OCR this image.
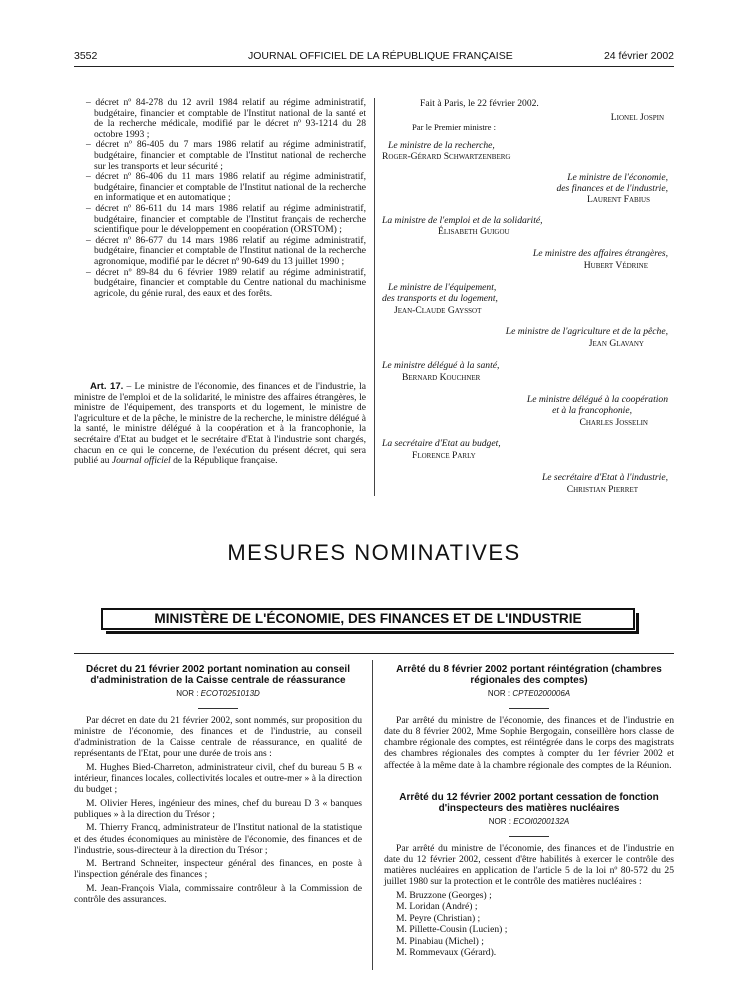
3552	JOURNAL OFFICIEL DE LA RÉPUBLIQUE FRANÇAISE	24 février 2002

– décret nº 84-278 du 12 avril 1984 relatif au régime administratif, budgétaire, financier et comptable de l'Institut national de la santé et de la recherche médicale, modifié par le décret nº 93-1214 du 28 octobre 1993 ;

– décret nº 86-405 du 7 mars 1986 relatif au régime administratif, budgétaire, financier et comptable de l'Institut national de recherche sur les transports et leur sécurité ;

– décret nº 86-406 du 11 mars 1986 relatif au régime administratif, budgétaire, financier et comptable de l'Institut national de la recherche en informatique et en automatique ;

– décret nº 86-611 du 14 mars 1986 relatif au régime administratif, budgétaire, financier et comptable de l'Institut français de recherche scientifique pour le développement en coopération (ORSTOM) ;

– décret nº 86-677 du 14 mars 1986 relatif au régime administratif, budgétaire, financier et comptable de l'Institut national de la recherche agronomique, modifié par le décret nº 90-649 du 13 juillet 1990 ;

– décret nº 89-84 du 6 février 1989 relatif au régime administratif, budgétaire, financier et comptable du Centre national du machinisme agricole, du génie rural, des eaux et des forêts.

Art. 17. – Le ministre de l'économie, des finances et de l'industrie, la ministre de l'emploi et de la solidarité, le ministre des affaires étrangères, le ministre de l'équipement, des transports et du logement, le ministre de l'agriculture et de la pêche, le ministre de la recherche, le ministre délégué à la santé, le ministre délégué à la coopération et à la francophonie, la secrétaire d'Etat au budget et le secrétaire d'Etat à l'industrie sont chargés, chacun en ce qui le concerne, de l'exécution du présent décret, qui sera publié au Journal officiel de la République française.

Fait à Paris, le 22 février 2002.
Lionel Jospin
Par le Premier ministre :
Le ministre de la recherche,
Roger-Gérard Schwartzenberg
Le ministre de l'économie,
des finances et de l'industrie,
Laurent Fabius
La ministre de l'emploi et de la solidarité,
Élisabeth Guigou
Le ministre des affaires étrangères,
Hubert Védrine
Le ministre de l'équipement,
des transports et du logement,
Jean-Claude Gayssot
Le ministre de l'agriculture et de la pêche,
Jean Glavany
Le ministre délégué à la santé,
Bernard Kouchner
Le ministre délégué à la coopération
et à la francophonie,
Charles Josselin
La secrétaire d'Etat au budget,
Florence Parly
Le secrétaire d'Etat à l'industrie,
Christian Pierret
MESURES NOMINATIVES
MINISTÈRE DE L'ÉCONOMIE, DES FINANCES ET DE L'INDUSTRIE
Décret du 21 février 2002 portant nomination au conseil d'administration de la Caisse centrale de réassurance
NOR : ECOT0251013D

Par décret en date du 21 février 2002, sont nommés, sur proposition du ministre de l'économie, des finances et de l'industrie, au conseil d'administration de la Caisse centrale de réassurance, en qualité de représentants de l'Etat, pour une durée de trois ans :

M. Hughes Bied-Charreton, administrateur civil, chef du bureau 5 B « intérieur, finances locales, collectivités locales et outre-mer » à la direction du budget ;

M. Olivier Heres, ingénieur des mines, chef du bureau D 3 « banques publiques » à la direction du Trésor ;

M. Thierry Francq, administrateur de l'Institut national de la statistique et des études économiques au ministère de l'économie, des finances et de l'industrie, sous-directeur à la direction du Trésor ;

M. Bertrand Schneiter, inspecteur général des finances, en poste à l'inspection générale des finances ;

M. Jean-François Viala, commissaire contrôleur à la Commission de contrôle des assurances.

Arrêté du 8 février 2002 portant réintégration (chambres régionales des comptes)
NOR : CPTE0200006A

Par arrêté du ministre de l'économie, des finances et de l'industrie en date du 8 février 2002, Mme Sophie Bergogain, conseillère hors classe de chambre régionale des comptes, est réintégrée dans le corps des magistrats des chambres régionales des comptes à compter du 1er février 2002 et affectée à la même date à la chambre régionale des comptes de la Réunion.

Arrêté du 12 février 2002 portant cessation de fonction d'inspecteurs des matières nucléaires
NOR : ECOI0200132A

Par arrêté du ministre de l'économie, des finances et de l'industrie en date du 12 février 2002, cessent d'être habilités à exercer le contrôle des matières nucléaires en application de l'article 5 de la loi nº 80-572 du 25 juillet 1980 sur la protection et le contrôle des matières nucléaires :

M. Bruzzone (Georges) ;
M. Loridan (André) ;
M. Peyre (Christian) ;
M. Pillette-Cousin (Lucien) ;
M. Pinabiau (Michel) ;
M. Rommevaux (Gérard).
